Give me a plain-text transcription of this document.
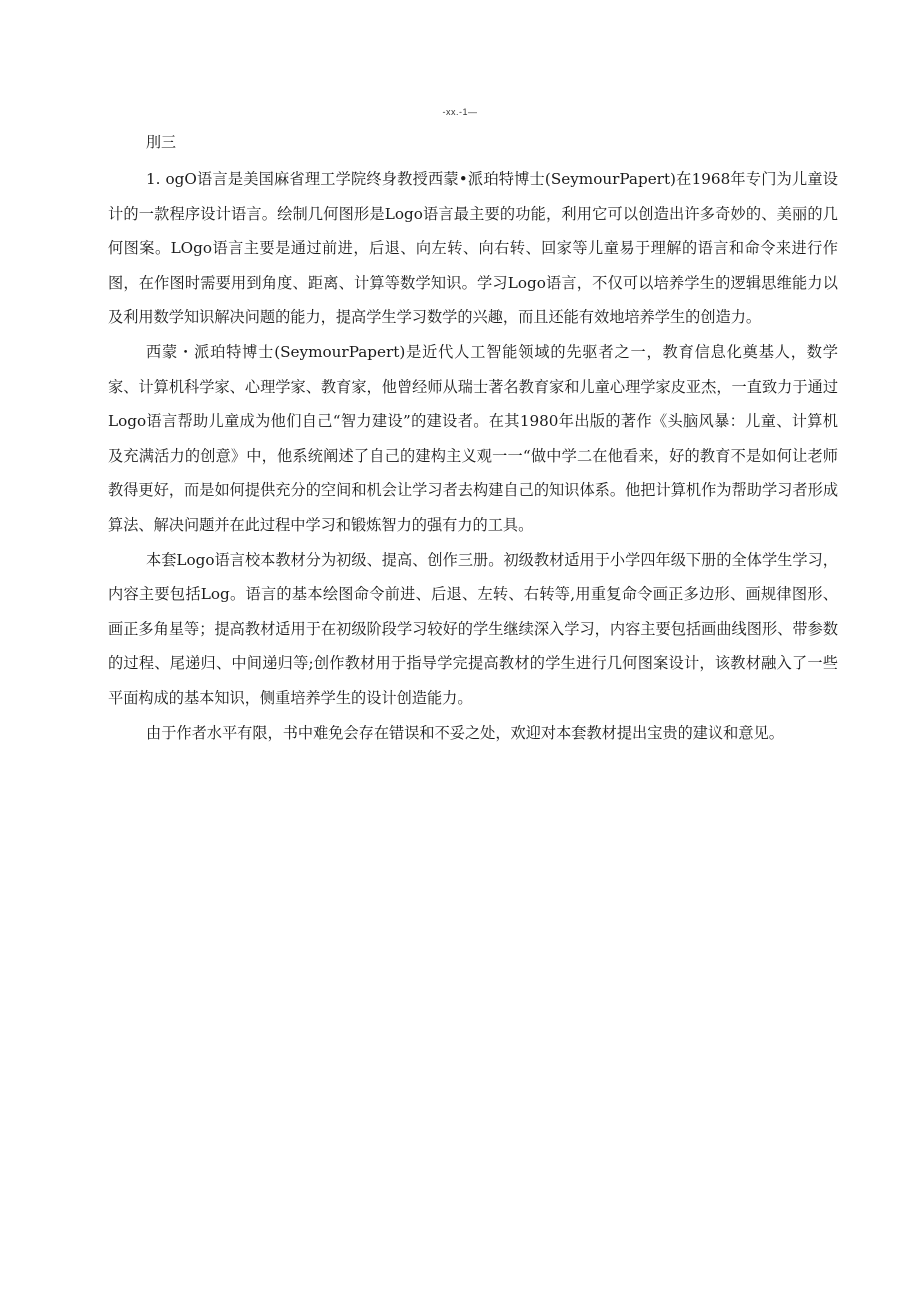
-xx.-1—
刖三

1. ogO语言是美国麻省理工学院终身教授西蒙•派珀特博士(SeymourPapert)在1968年专门为儿童设计的一款程序设计语言。绘制几何图形是Logo语言最主要的功能，利用它可以创造出许多奇妙的、美丽的几何图案。LOgo语言主要是通过前进，后退、向左转、向右转、回家等儿童易于理解的语言和命令来进行作图，在作图时需要用到角度、距离、计算等数学知识。学习Logo语言，不仅可以培养学生的逻辑思维能力以及利用数学知识解决问题的能力，提高学生学习数学的兴趣，而且还能有效地培养学生的创造力。

西蒙・派珀特博士(SeymourPapert)是近代人工智能领域的先驱者之一，教育信息化奠基人，数学家、计算机科学家、心理学家、教育家，他曾经师从瑞士著名教育家和儿童心理学家皮亚杰，一直致力于通过Logo语言帮助儿童成为他们自己“智力建设”的建设者。在其1980年出版的著作《头脑风暴：儿童、计算机及充满活力的创意》中，他系统阐述了自己的建构主义观一一“做中学二在他看来，好的教育不是如何让老师教得更好，而是如何提供充分的空间和机会让学习者去构建自己的知识体系。他把计算机作为帮助学习者形成算法、解决问题并在此过程中学习和锻炼智力的强有力的工具。

本套Logo语言校本教材分为初级、提高、创作三册。初级教材适用于小学四年级下册的全体学生学习，内容主要包括Log。语言的基本绘图命令前进、后退、左转、右转等,用重复命令画正多边形、画规律图形、画正多角星等；提高教材适用于在初级阶段学习较好的学生继续深入学习，内容主要包括画曲线图形、带参数的过程、尾递归、中间递归等;创作教材用于指导学完提高教材的学生进行几何图案设计，该教材融入了一些平面构成的基本知识，侧重培养学生的设计创造能力。

由于作者水平有限，书中难免会存在错误和不妥之处，欢迎对本套教材提出宝贵的建议和意见。
